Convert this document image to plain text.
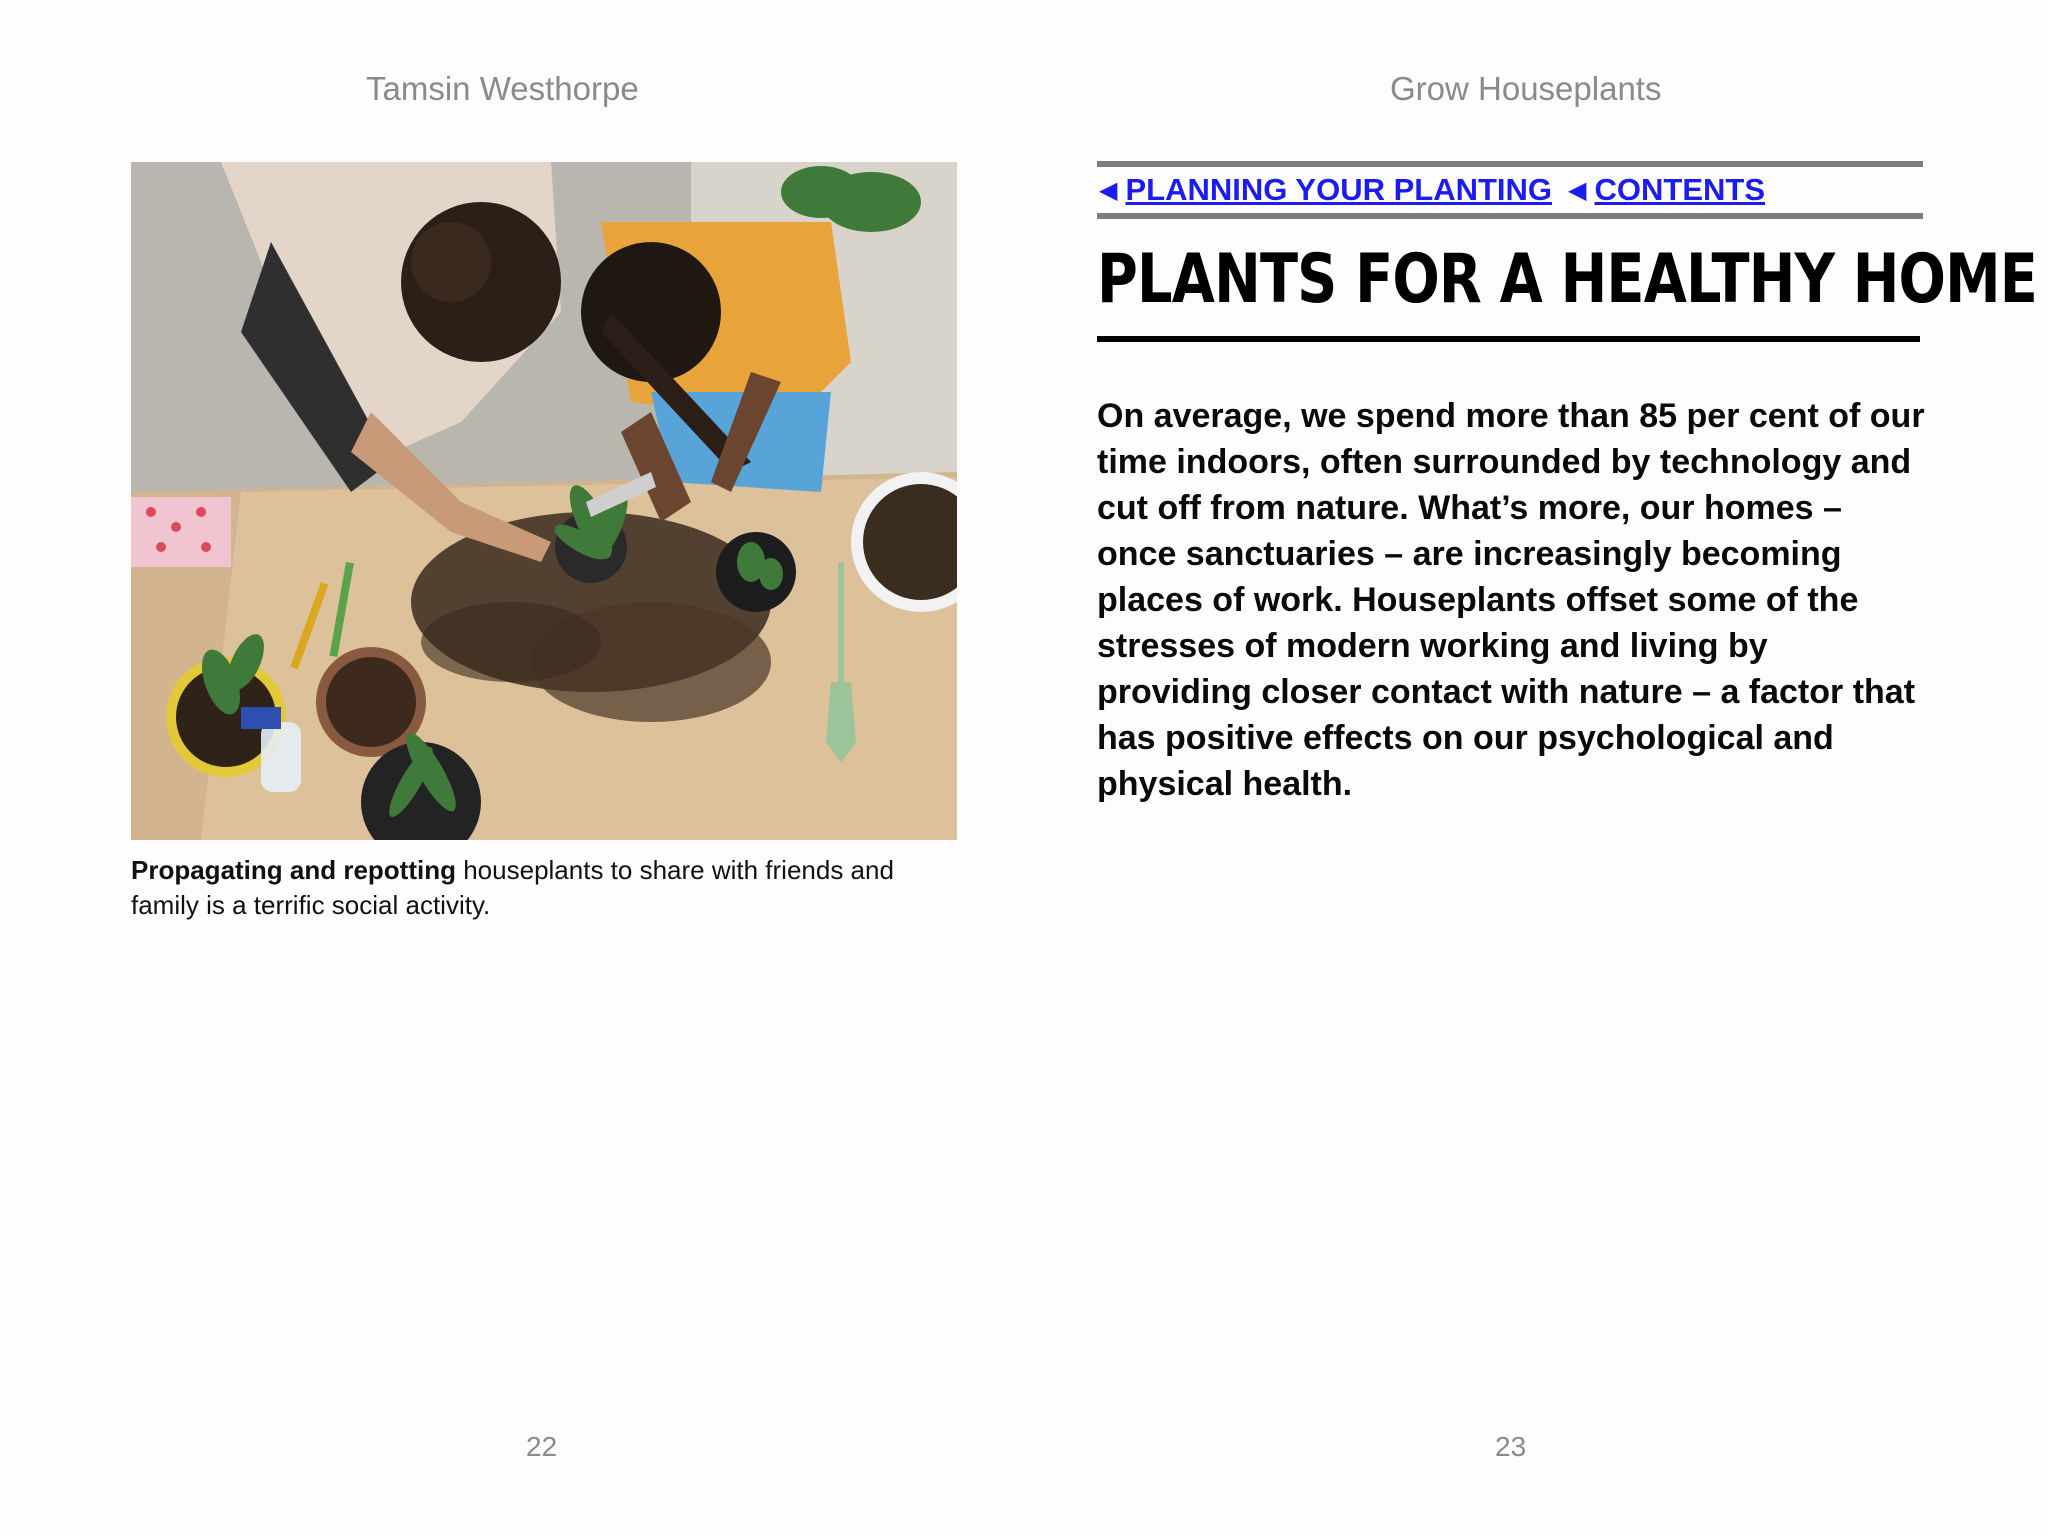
Tamsin Westhorpe
Propagating and repotting houseplants to share with friends and family is a terrific social activity.
22
Grow Houseplants
◀ PLANNING YOUR PLANTING ◀ CONTENTS
PLANTS FOR A HEALTHY HOME

On average, we spend more than 85 per cent of our time indoors, often surrounded by technology and cut off from nature. What’s more, our homes – once sanctuaries – are increasingly becoming places of work. Houseplants offset some of the stresses of modern working and living by providing closer contact with nature – a factor that has positive effects on our psychological and physical health.

23
